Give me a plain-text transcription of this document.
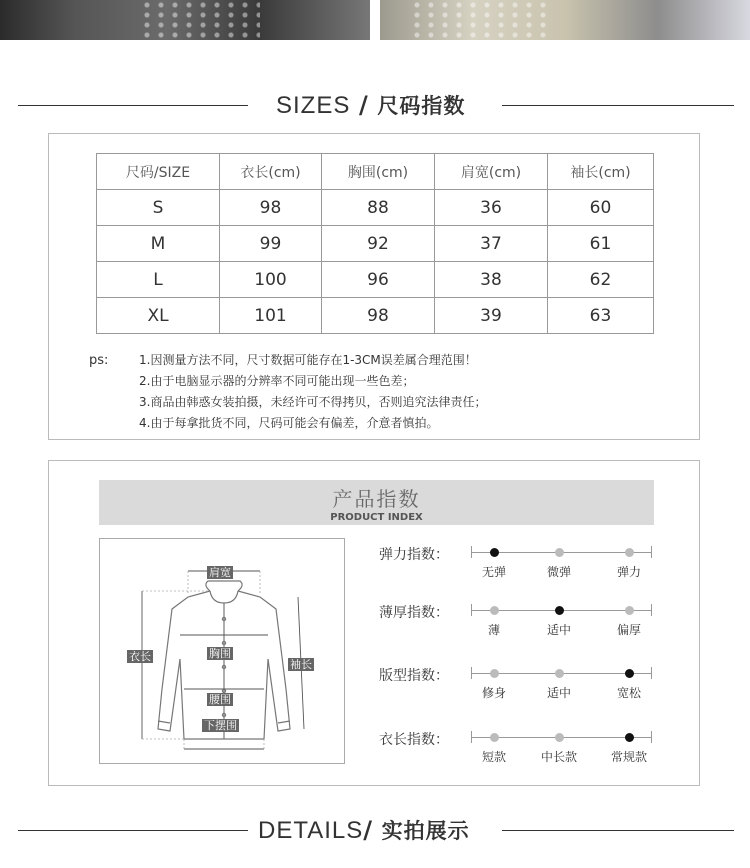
SIZES / 尺码指数
尺码/SIZE	衣长(cm)	胸围(cm)	肩宽(cm)	袖长(cm)
S	98	88	36	60
M	99	92	37	61
L	100	96	38	62
XL	101	98	39	63
ps:	1.因测量方法不同，尺寸数据可能存在1-3CM误差属合理范围！
2.由于电脑显示器的分辨率不同可能出现一些色差；
3.商品由韩惑女装拍摄，未经许可不得拷贝，否则追究法律责任；
4.由于每拿批货不同，尺码可能会有偏差，介意者慎拍。
产品指数
PRODUCT INDEX
肩宽
衣长	胸围
袖长
腰围
下摆围
弹力指数：
无弹	微弹	弹力
薄厚指数：
薄	适中	偏厚
版型指数：
修身	适中	宽松
衣长指数：
短款	中长款	常规款
DETAILS/ 实拍展示
